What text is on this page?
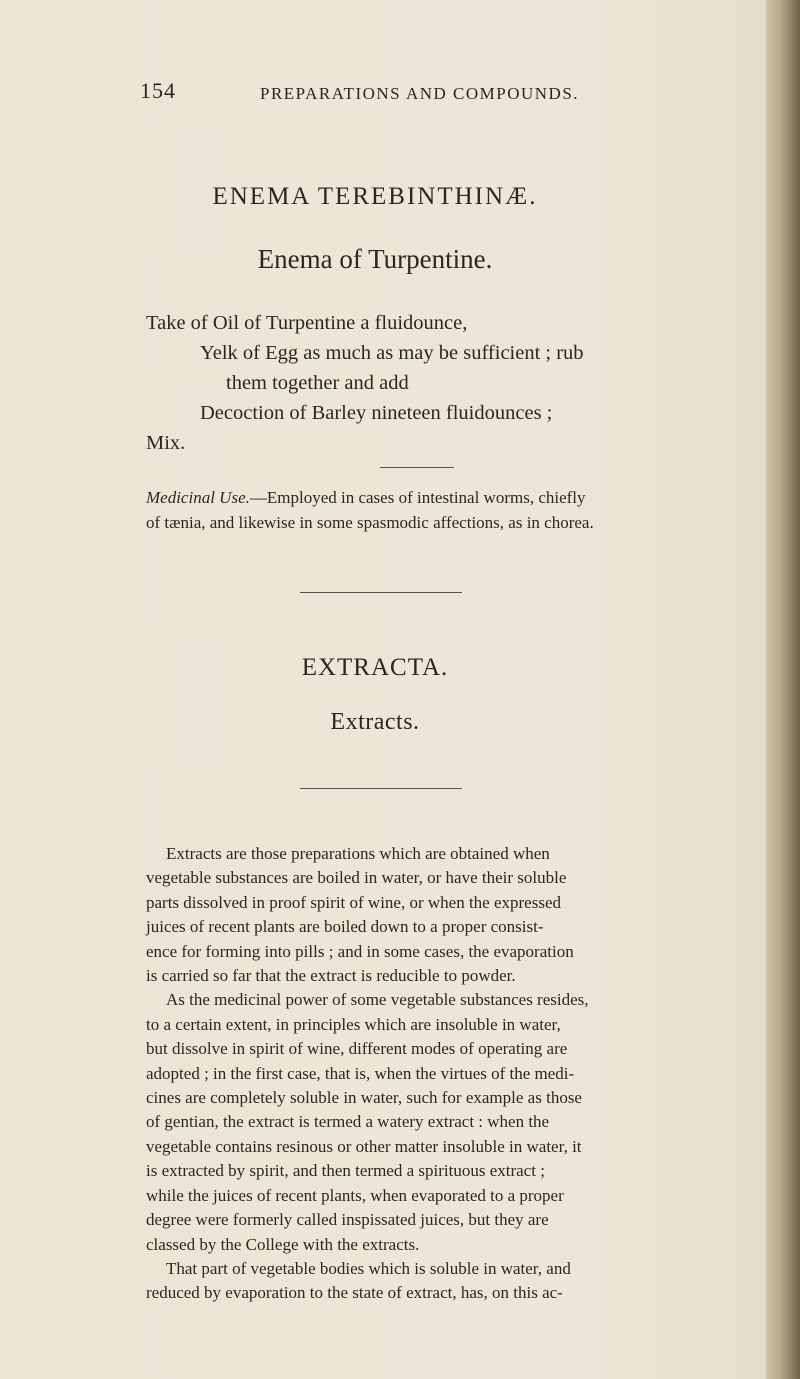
154	PREPARATIONS AND COMPOUNDS.
ENEMA TEREBINTHINÆ.
Enema of Turpentine.
Take of Oil of Turpentine a fluidounce,
Yelk of Egg as much as may be sufficient ; rub
them together and add
Decoction of Barley nineteen fluidounces ;
Mix.
Medicinal Use.—Employed in cases of intestinal worms, chiefly
of tænia, and likewise in some spasmodic affections, as in chorea.
EXTRACTA.
Extracts.
Extracts are those preparations which are obtained when
vegetable substances are boiled in water, or have their soluble
parts dissolved in proof spirit of wine, or when the expressed
juices of recent plants are boiled down to a proper consist-
ence for forming into pills ; and in some cases, the evaporation
is carried so far that the extract is reducible to powder.
As the medicinal power of some vegetable substances resides,
to a certain extent, in principles which are insoluble in water,
but dissolve in spirit of wine, different modes of operating are
adopted ; in the first case, that is, when the virtues of the medi-
cines are completely soluble in water, such for example as those
of gentian, the extract is termed a watery extract : when the
vegetable contains resinous or other matter insoluble in water, it
is extracted by spirit, and then termed a spirituous extract ;
while the juices of recent plants, when evaporated to a proper
degree were formerly called inspissated juices, but they are
classed by the College with the extracts.
That part of vegetable bodies which is soluble in water, and
reduced by evaporation to the state of extract, has, on this ac-
